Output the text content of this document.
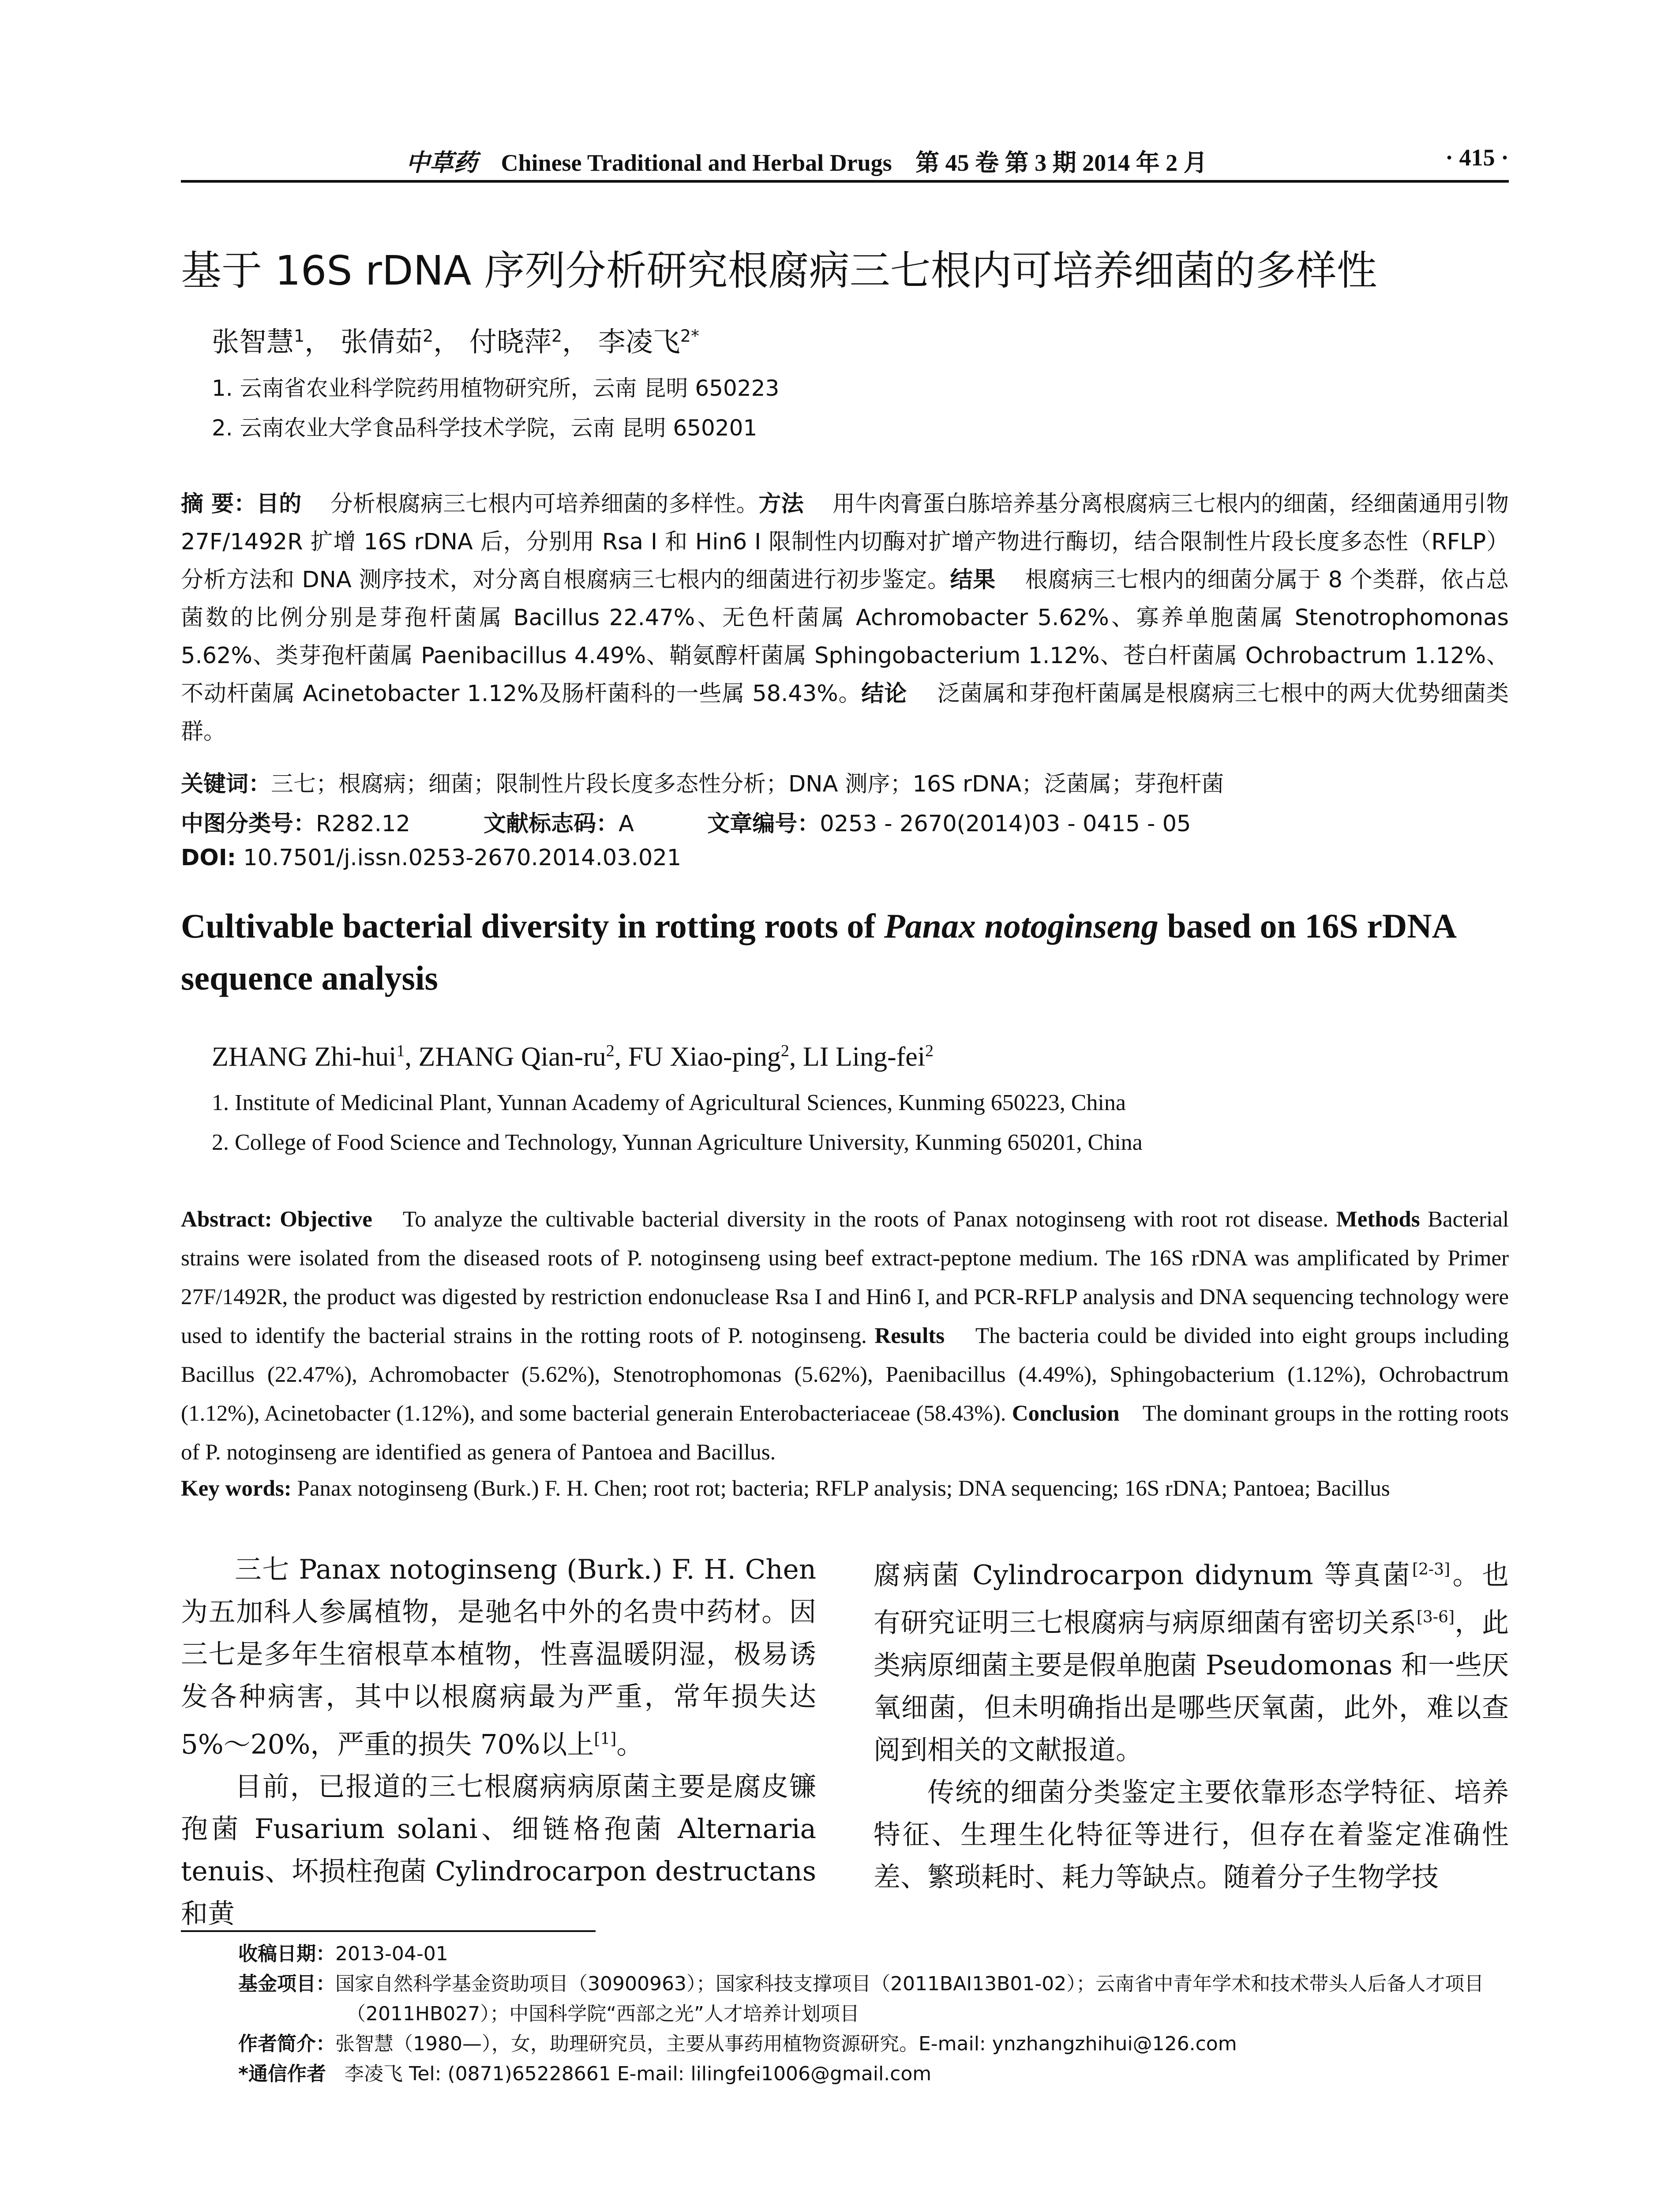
中草药 Chinese Traditional and Herbal Drugs 第 45 卷 第 3 期 2014 年 2 月	· 415 ·
基于 16S rDNA 序列分析研究根腐病三七根内可培养细菌的多样性
张智慧$^1$， 张倩茹$^2$， 付晓萍$^2$， 李凌飞$^{2*}$
1. 云南省农业科学院药用植物研究所，云南 昆明 650223
2. 云南农业大学食品科学技术学院，云南 昆明 650201
摘 要：目的 分析根腐病三七根内可培养细菌的多样性。方法 用牛肉膏蛋白胨培养基分离根腐病三七根内的细菌，经细菌通用引物 27F/1492R 扩增 16S rDNA 后，分别用 Rsa I 和 Hin6 I 限制性内切酶对扩增产物进行酶切，结合限制性片段长度多态性（RFLP）分析方法和 DNA 测序技术，对分离自根腐病三七根内的细菌进行初步鉴定。结果 根腐病三七根内的细菌分属于 8 个类群，依占总菌数的比例分别是芽孢杆菌属 Bacillus 22.47%、无色杆菌属 Achromobacter 5.62%、寡养单胞菌属 Stenotrophomonas 5.62%、类芽孢杆菌属 Paenibacillus 4.49%、鞘氨醇杆菌属 Sphingobacterium 1.12%、苍白杆菌属 Ochrobactrum 1.12%、不动杆菌属 Acinetobacter 1.12%及肠杆菌科的一些属 58.43%。结论 泛菌属和芽孢杆菌属是根腐病三七根中的两大优势细菌类群。
关键词：三七；根腐病；细菌；限制性片段长度多态性分析；DNA 测序；16S rDNA；泛菌属；芽孢杆菌
中图分类号：R282.12	文献标志码：A	文章编号：0253 - 2670(2014)03 - 0415 - 05
DOI: 10.7501/j.issn.0253-2670.2014.03.021
Cultivable bacterial diversity in rotting roots of Panax notoginseng based on 16S rDNA sequence analysis
ZHANG Zhi-hui$^1$, ZHANG Qian-$ru^2$, FU Xiao-ping$^2$, LI Ling-fei$^2$
1. Institute of Medicinal Plant, Yunnan Academy of Agricultural Sciences, Kunming 650223, China
2. College of Food Science and Technology, Yunnan Agriculture University, Kunming 650201, China
Abstract: Objective To analyze the cultivable bacterial diversity in the roots of Panax notoginseng with root rot disease. Methods Bacterial strains were isolated from the diseased roots of P. notoginseng using beef extract-peptone medium. The 16S rDNA was amplificated by Primer 27F/1492R, the product was digested by restriction endonuclease Rsa I and Hin6 I, and PCR-RFLP analysis and DNA sequencing technology were used to identify the bacterial strains in the rotting roots of P. notoginseng. Results The bacteria could be divided into eight groups including Bacillus (22.47%), Achromobacter (5.62%), Stenotrophomonas (5.62%), Paenibacillus (4.49%), Sphingobacterium (1.12%), Ochrobactrum (1.12%), Acinetobacter (1.12%), and some bacterial generain Enterobacteriaceae (58.43%). Conclusion The dominant groups in the rotting roots of P. notoginseng are identified as genera of Pantoea and Bacillus.
Key words: Panax notoginseng (Burk.) F. H. Chen; root rot; bacteria; RFLP analysis; DNA sequencing; 16S rDNA; Pantoea; Bacillus

三七 Panax notoginseng (Burk.) F. H. Chen 为五加科人参属植物，是驰名中外的名贵中药材。因三七是多年生宿根草本植物，性喜温暖阴湿，极易诱发各种病害，其中以根腐病最为严重，常年损失达 5%～20%，严重的损失 70%以上[1]。

目前，已报道的三七根腐病病原菌主要是腐皮镰孢菌 Fusarium solani、细链格孢菌 Alternaria tenuis、坏损柱孢菌 Cylindrocarpon destructans 和黄

腐病菌 Cylindrocarpon didynum 等真菌[2-3]。也有研究证明三七根腐病与病原细菌有密切关系[3-6]，此类病原细菌主要是假单胞菌 Pseudomonas 和一些厌氧细菌，但未明确指出是哪些厌氧菌，此外，难以查阅到相关的文献报道。

传统的细菌分类鉴定主要依靠形态学特征、培养特征、生理生化特征等进行，但存在着鉴定准确性差、繁琐耗时、耗力等缺点。随着分子生物学技

收稿日期：2013-04-01
基金项目：国家自然科学基金资助项目（30900963）；国家科技支撑项目（2011BAI13B01-02）；云南省中青年学术和技术带头人后备人才项目
（2011HB027）；中国科学院“西部之光”人才培养计划项目
作者简介：张智慧（1980—），女，助理研究员，主要从事药用植物资源研究。E-mail: ynzhangzhihui@126.com
*通信作者 李凌飞 Tel: (0871)65228661 E-mail: lilingfei1006@gmail.com
